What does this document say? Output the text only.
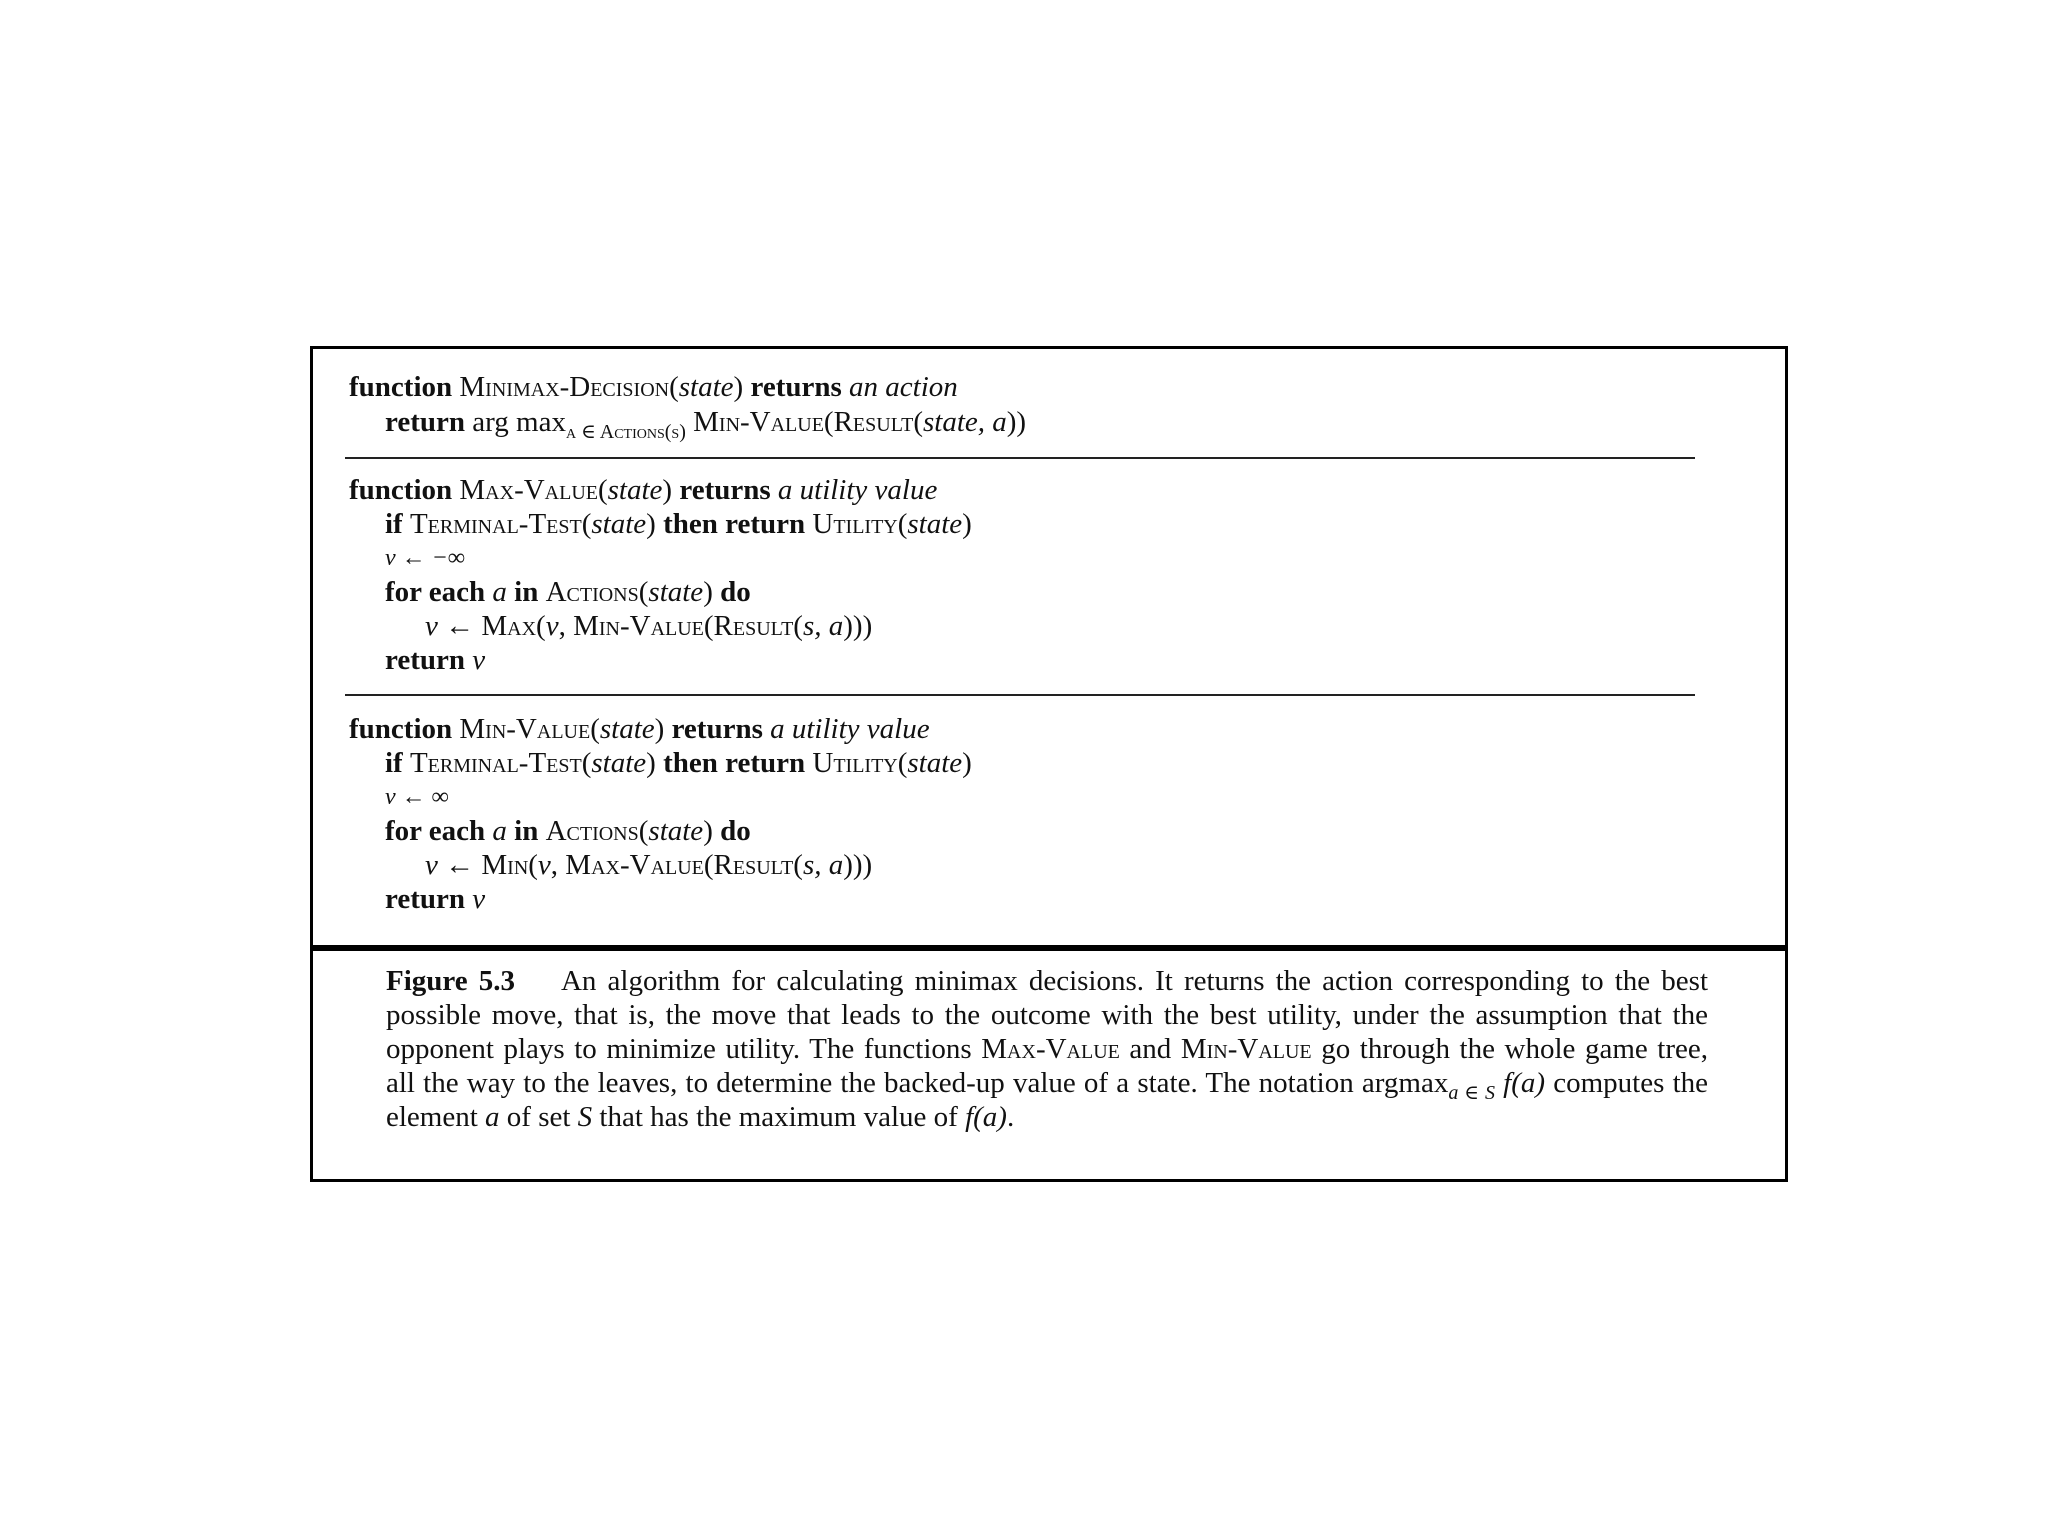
function Minimax-Decision(state) returns an action
return arg $\max_{a \in Actions(s)}$ Min-Value(Result(state, a))
function Max-Value(state) returns a utility value
if Terminal-Test(state) then return Utility(state)
v ← −∞
for each a in Actions(state) do
v ← Max(v, Min-Value(Result(s, a)))
return v
function Min-Value(state) returns a utility value
if Terminal-Test(state) then return Utility(state)
v ← ∞
for each a in Actions(state) do
v ← Min(v, Max-Value(Result(s, a)))
return v
Figure 5.3 An algorithm for calculating minimax decisions. It returns the action corresponding to the best possible move, that is, the move that leads to the outcome with the best utility, under the assumption that the opponent plays to minimize utility. The functions Max-Value and Min-Value go through the whole game tree, all the way to the leaves, to determine the backed-up value of a state. The notation argmax$_{a \in S}$ f(a) computes the element a of set S that has the maximum value of f(a).
